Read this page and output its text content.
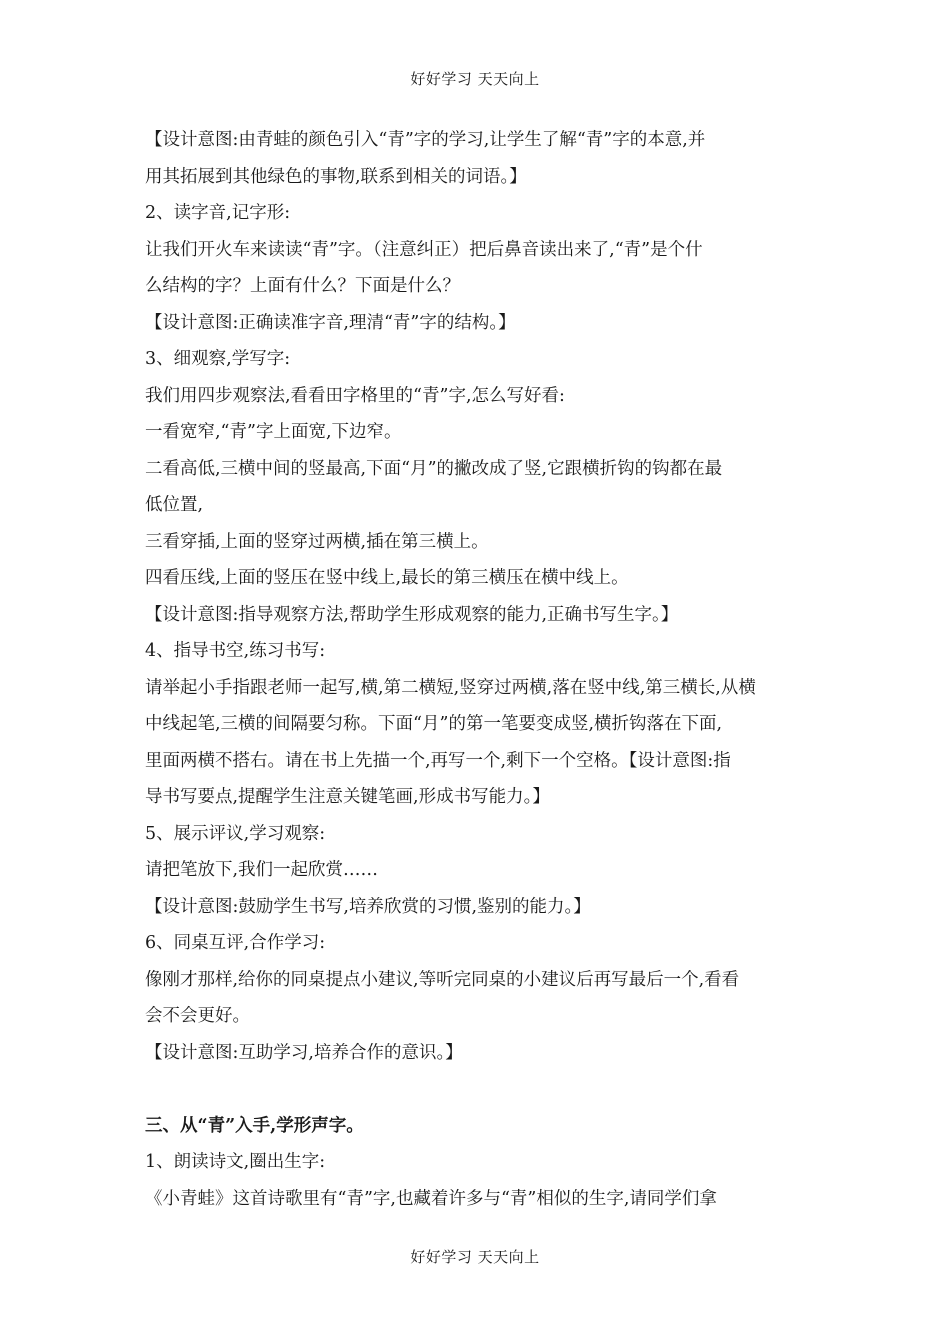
好好学习 天天向上
【设计意图:由青蛙的颜色引入“青”字的学习,让学生了解“青”字的本意,并
用其拓展到其他绿色的事物,联系到相关的词语。】
2、读字音,记字形:
让我们开火车来读读“青”字。（注意纠正）把后鼻音读出来了,“青”是个什
么结构的字？上面有什么？下面是什么？
【设计意图:正确读准字音,理清“青”字的结构。】
3、细观察,学写字:
我们用四步观察法,看看田字格里的“青”字,怎么写好看:
一看宽窄,“青”字上面宽,下边窄。
二看高低,三横中间的竖最高,下面“月”的撇改成了竖,它跟横折钩的钩都在最
低位置,
三看穿插,上面的竖穿过两横,插在第三横上。
四看压线,上面的竖压在竖中线上,最长的第三横压在横中线上。
【设计意图:指导观察方法,帮助学生形成观察的能力,正确书写生字。】
4、指导书空,练习书写:
请举起小手指跟老师一起写,横,第二横短,竖穿过两横,落在竖中线,第三横长,从横
中线起笔,三横的间隔要匀称。下面“月”的第一笔要变成竖,横折钩落在下面,
里面两横不搭右。请在书上先描一个,再写一个,剩下一个空格。【设计意图:指
导书写要点,提醒学生注意关键笔画,形成书写能力。】
5、展示评议,学习观察:
请把笔放下,我们一起欣赏……
【设计意图:鼓励学生书写,培养欣赏的习惯,鉴别的能力。】
6、同桌互评,合作学习:
像刚才那样,给你的同桌提点小建议,等听完同桌的小建议后再写最后一个,看看
会不会更好。
【设计意图:互助学习,培养合作的意识。】
三、从“青”入手,学形声字。
1、朗读诗文,圈出生字:
《小青蛙》这首诗歌里有“青”字,也藏着许多与“青”相似的生字,请同学们拿
好好学习 天天向上
